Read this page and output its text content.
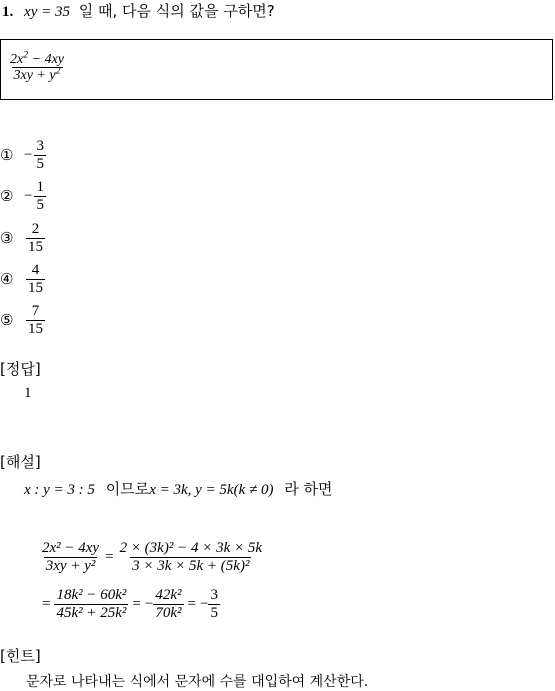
1. xy = 35 일 때, 다음 식의 값을 구하면?
$\frac{2x^2 - 4xy}{3xy + y^2}$
① − $\frac{3}{5}$
② − $\frac{1}{5}$
③ $\frac{2}{15}$
④ $\frac{4}{15}$
⑤ $\frac{7}{15}$
[정답]
1
[해설]
x : y = 3 : 5 이므로x = 3k, y = 5k(k ≠ 0) 라 하면
$\frac{\text{2x² − 4xy}}{\text{3xy + y²}} = \frac{\text{2 × (3k)² − 4 × 3k × 5k}}{\text{3 × 3k × 5k + (5k)²}}$
= $\frac{\text{18k² − 60k²}}{\text{45k² + 25k²}}$ = − $\frac{\text{42k²}}{\text{70k²}}$ = − $\frac{3}{5}$
[힌트]
문자로 나타내는 식에서 문자에 수를 대입하여 계산한다.
